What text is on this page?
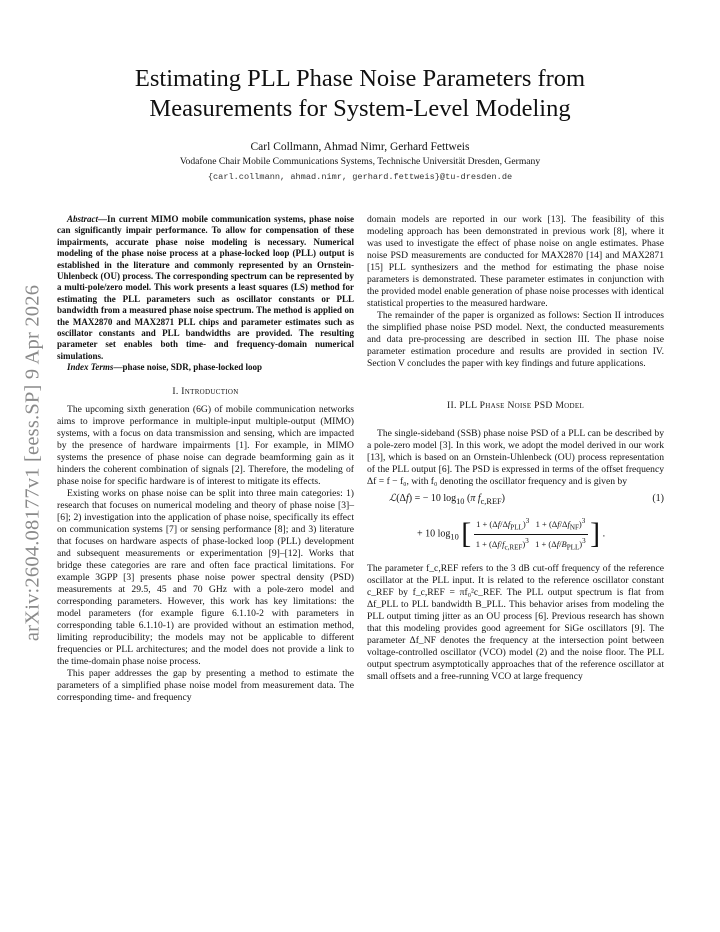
arXiv:2604.08177v1 [eess.SP] 9 Apr 2026
Estimating PLL Phase Noise Parameters from
Measurements for System-Level Modeling
Carl Collmann, Ahmad Nimr, Gerhard Fettweis
Vodafone Chair Mobile Communications Systems, Technische Universität Dresden, Germany
{carl.collmann, ahmad.nimr, gerhard.fettweis}@tu-dresden.de

Abstract—In current MIMO mobile communication systems, phase noise can significantly impair performance. To allow for compensation of these impairments, accurate phase noise modeling is necessary. Numerical modeling of the phase noise process at a phase-locked loop (PLL) output is established in the literature and commonly represented by an Ornstein-Uhlenbeck (OU) process. The corresponding spectrum can be represented by a multi-pole/zero model. This work presents a least squares (LS) method for estimating the PLL parameters such as oscillator constants or PLL bandwidth from a measured phase noise spectrum. The method is applied on the MAX2870 and MAX2871 PLL chips and parameter estimates such as oscillator constants and PLL bandwidths are provided. The resulting parameter set enables both time- and frequency-domain numerical simulations.

Index Terms—phase noise, SDR, phase-locked loop

I. Introduction

The upcoming sixth generation (6G) of mobile communication networks aims to improve performance in multiple-input multiple-output (MIMO) systems, with a focus on data transmission and sensing, which are impacted by the presence of hardware impairments [1]. For example, in MIMO systems the presence of phase noise can degrade beamforming gain as it hinders the coherent combination of signals [2]. Therefore, the modeling of phase noise for specific hardware is of interest to mitigate its effects.

Existing works on phase noise can be split into three main categories: 1) research that focuses on numerical modeling and theory of phase noise [3]–[6]; 2) investigation into the application of phase noise, specifically its effect on communication systems [7] or sensing performance [8]; and 3) literature that focuses on hardware aspects of phase-locked loop (PLL) development and subsequent measurements or experimentation [9]–[12]. Works that bridge these categories are rare and often face practical limitations. For example 3GPP [3] presents phase noise power spectral density (PSD) measurements at 29.5, 45 and 70 GHz with a pole-zero model and corresponding parameters. However, this work has key limitations: the model parameters (for example figure 6.1.10-2 with parameters in corresponding table 6.1.10-1) are provided without an estimation method, limiting reproducibility; the models may not be applicable to different frequencies or PLL architectures; and the model does not provide a link to the time-domain phase noise process.

This paper addresses the gap by presenting a method to estimate the parameters of a simplified phase noise model from measurement data. The corresponding time- and frequency

domain models are reported in our work [13]. The feasibility of this modeling approach has been demonstrated in previous work [8], where it was used to investigate the effect of phase noise on angle estimates. Phase noise PSD measurements are conducted for MAX2870 [14] and MAX2871 [15] PLL synthesizers and the method for estimating the phase noise parameters is demonstrated. These parameter estimates in conjunction with the provided model enable generation of phase noise processes with identical statistical properties to the measured hardware.

The remainder of the paper is organized as follows: Section II introduces the simplified phase noise PSD model. Next, the conducted measurements and data pre-processing are described in section III. The phase noise parameter estimation procedure and results are provided in section IV. Section V concludes the paper with key findings and future applications.

II. PLL Phase Noise PSD Model

The single-sideband (SSB) phase noise PSD of a PLL can be described by a pole-zero model [3]. In this work, we adopt the model derived in our work [13], which is based on an Ornstein-Uhlenbeck (OU) process representation of the PLL output [6]. The PSD is expressed in terms of the offset frequency Δf = f − f₀, with f₀ denoting the oscillator frequency and is given by

ℒ(Δf) = − 10 $\log_{10} (\pi$ $f_{c,REF}$)	(1)
+ 10 $\log_{10}$ [ $\frac{1 + (\Delta f/\Delta f_{PLL})^3 1 + (\Delta f/\Delta f_{NF})^3}{1 + (\Delta f/f_{c,REF})^3 1 + (\Delta f/B_{PLL})^3}$ ] .

The parameter f_c,REF refers to the 3 dB cut-off frequency of the reference oscillator at the PLL input. It is related to the reference oscillator constant c_REF by f_c,REF = πf₀²c_REF. The PLL output spectrum is flat from Δf_PLL to PLL bandwidth B_PLL. This behavior arises from modeling the PLL output timing jitter as an OU process [6]. Previous research has shown that this modeling provides good agreement for SiGe oscillators [9]. The parameter Δf_NF denotes the frequency at the intersection point between voltage-controlled oscillator (VCO) model (2) and the noise floor. The PLL output spectrum asymptotically approaches that of the reference oscillator at small offsets and a free-running VCO at large frequency
